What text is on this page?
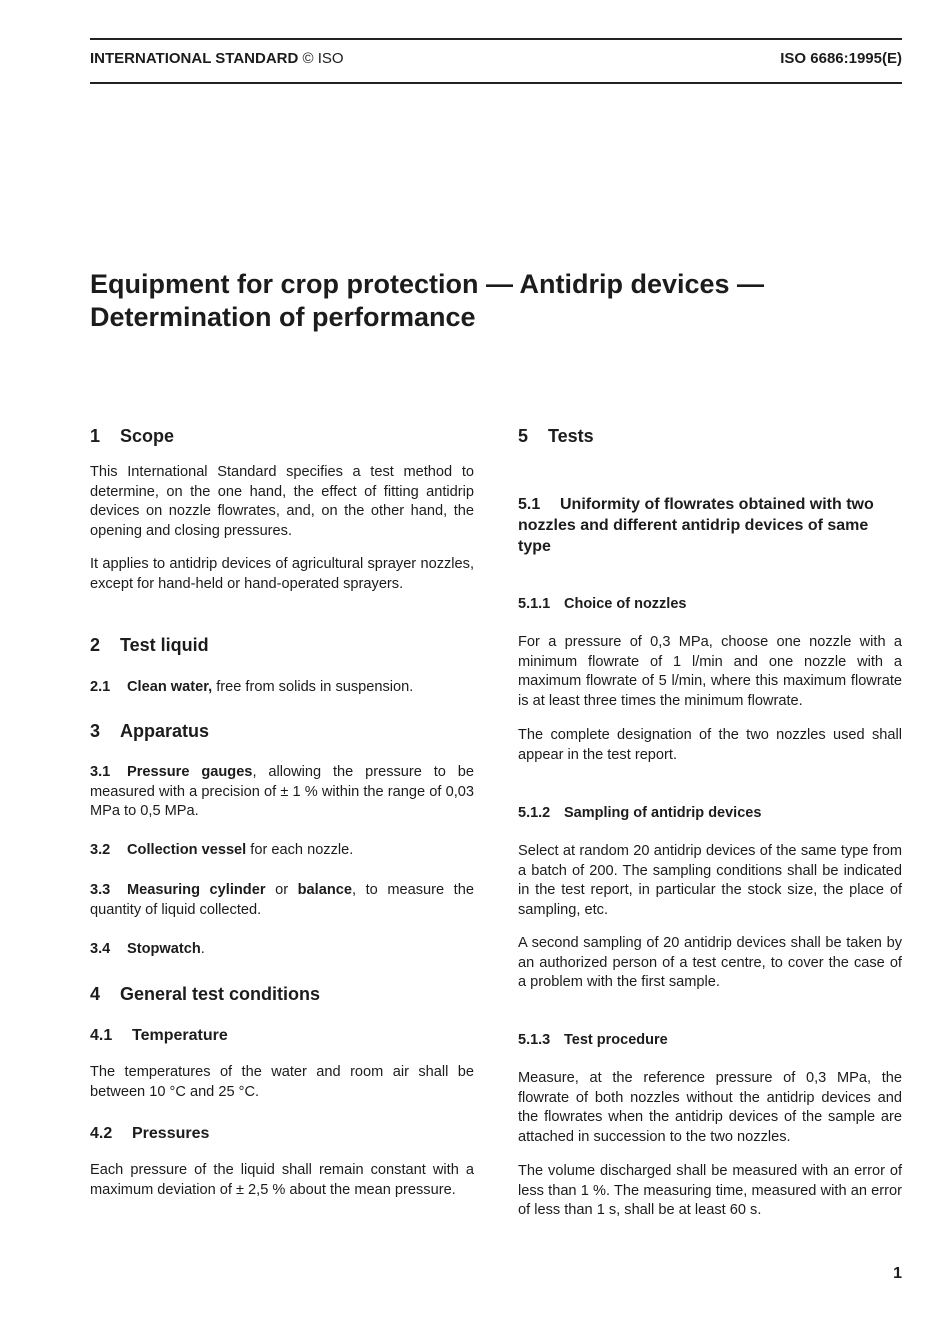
INTERNATIONAL STANDARD © ISO	ISO 6686:1995(E)
Equipment for crop protection — Antidrip devices —
Determination of performance
1 Scope

This International Standard specifies a test method to determine, on the one hand, the effect of fitting antidrip devices on nozzle flowrates, and, on the other hand, the opening and closing pressures.

It applies to antidrip devices of agricultural sprayer nozzles, except for hand-held or hand-operated sprayers.

2 Test liquid

2.1 Clean water, free from solids in suspension.

3 Apparatus

3.1 Pressure gauges, allowing the pressure to be measured with a precision of ± 1 % within the range of 0,03 MPa to 0,5 MPa.

3.2 Collection vessel for each nozzle.

3.3 Measuring cylinder or balance, to measure the quantity of liquid collected.

3.4 Stopwatch.

4 General test conditions
4.1 Temperature

The temperatures of the water and room air shall be between 10 °C and 25 °C.

4.2 Pressures

Each pressure of the liquid shall remain constant with a maximum deviation of ± 2,5 % about the mean pressure.

5 Tests
5.1 Uniformity of flowrates obtained with two nozzles and different antidrip devices of same type
5.1.1 Choice of nozzles

For a pressure of 0,3 MPa, choose one nozzle with a minimum flowrate of 1 l/min and one nozzle with a maximum flowrate of 5 l/min, where this maximum flowrate is at least three times the minimum flowrate.

The complete designation of the two nozzles used shall appear in the test report.

5.1.2 Sampling of antidrip devices

Select at random 20 antidrip devices of the same type from a batch of 200. The sampling conditions shall be indicated in the test report, in particular the stock size, the place of sampling, etc.

A second sampling of 20 antidrip devices shall be taken by an authorized person of a test centre, to cover the case of a problem with the first sample.

5.1.3 Test procedure

Measure, at the reference pressure of 0,3 MPa, the flowrate of both nozzles without the antidrip devices and the flowrates when the antidrip devices of the sample are attached in succession to the two nozzles.

The volume discharged shall be measured with an error of less than 1 %. The measuring time, measured with an error of less than 1 s, shall be at least 60 s.

1
